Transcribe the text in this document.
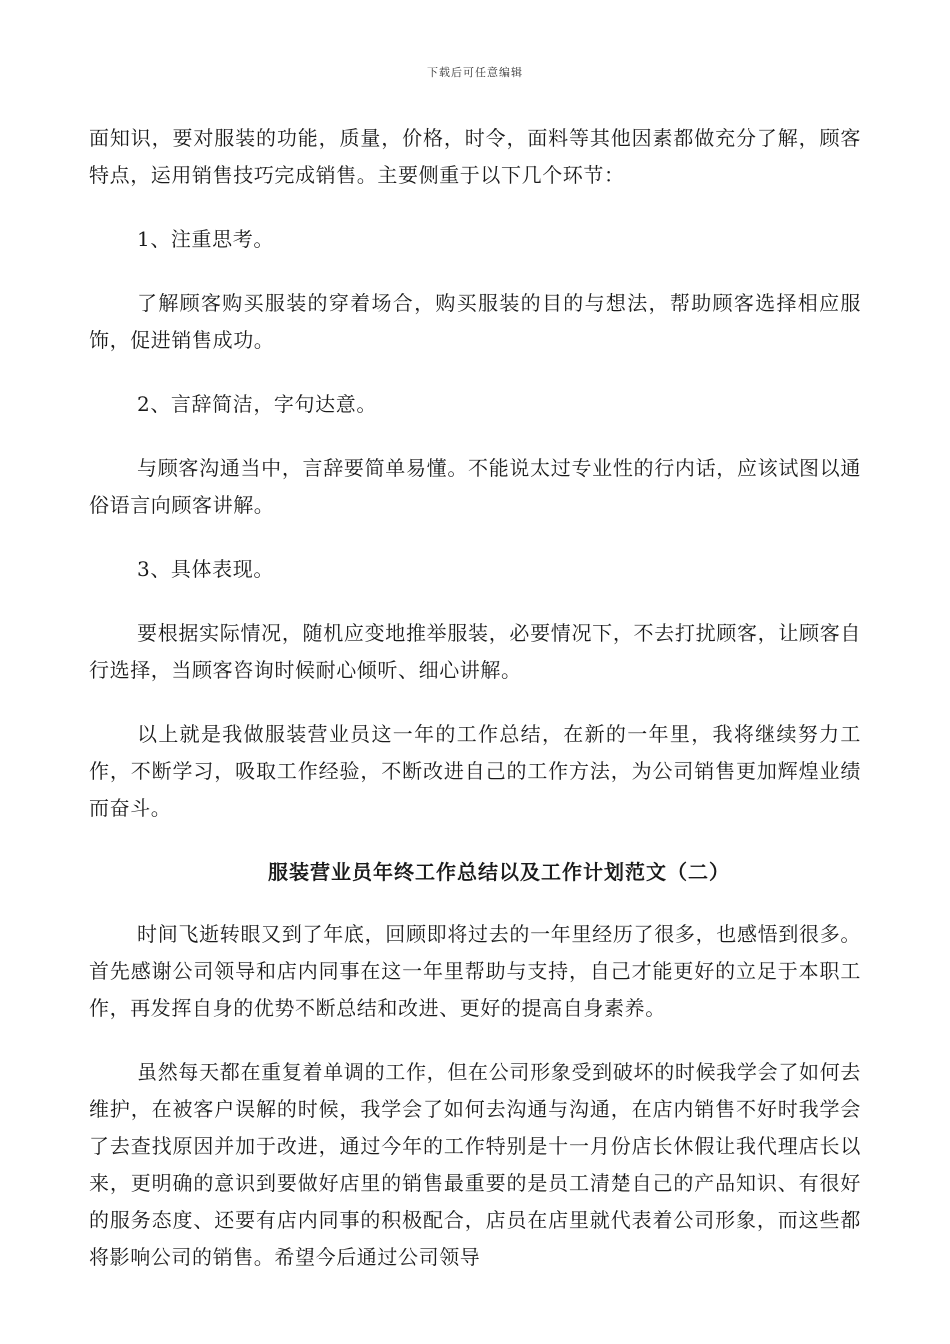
下载后可任意编辑

面知识，要对服装的功能，质量，价格，时令，面料等其他因素都做充分了解，顾客特点，运用销售技巧完成销售。主要侧重于以下几个环节：

1、注重思考。

了解顾客购买服装的穿着场合，购买服装的目的与想法，帮助顾客选择相应服饰，促进销售成功。

2、言辞简洁，字句达意。

与顾客沟通当中，言辞要简单易懂。不能说太过专业性的行内话，应该试图以通俗语言向顾客讲解。

3、具体表现。

要根据实际情况，随机应变地推举服装，必要情况下，不去打扰顾客，让顾客自行选择，当顾客咨询时候耐心倾听、细心讲解。

以上就是我做服装营业员这一年的工作总结，在新的一年里，我将继续努力工作，不断学习，吸取工作经验，不断改进自己的工作方法，为公司销售更加辉煌业绩而奋斗。

服装营业员年终工作总结以及工作计划范文（二）

时间飞逝转眼又到了年底，回顾即将过去的一年里经历了很多，也感悟到很多。首先感谢公司领导和店内同事在这一年里帮助与支持，自己才能更好的立足于本职工作，再发挥自身的优势不断总结和改进、更好的提高自身素养。

虽然每天都在重复着单调的工作，但在公司形象受到破坏的时候我学会了如何去维护，在被客户误解的时候，我学会了如何去沟通与沟通，在店内销售不好时我学会了去查找原因并加于改进，通过今年的工作特别是十一月份店长休假让我代理店长以来，更明确的意识到要做好店里的销售最重要的是员工清楚自己的产品知识、有很好的服务态度、还要有店内同事的积极配合，店员在店里就代表着公司形象，而这些都将影响公司的销售。希望今后通过公司领导
